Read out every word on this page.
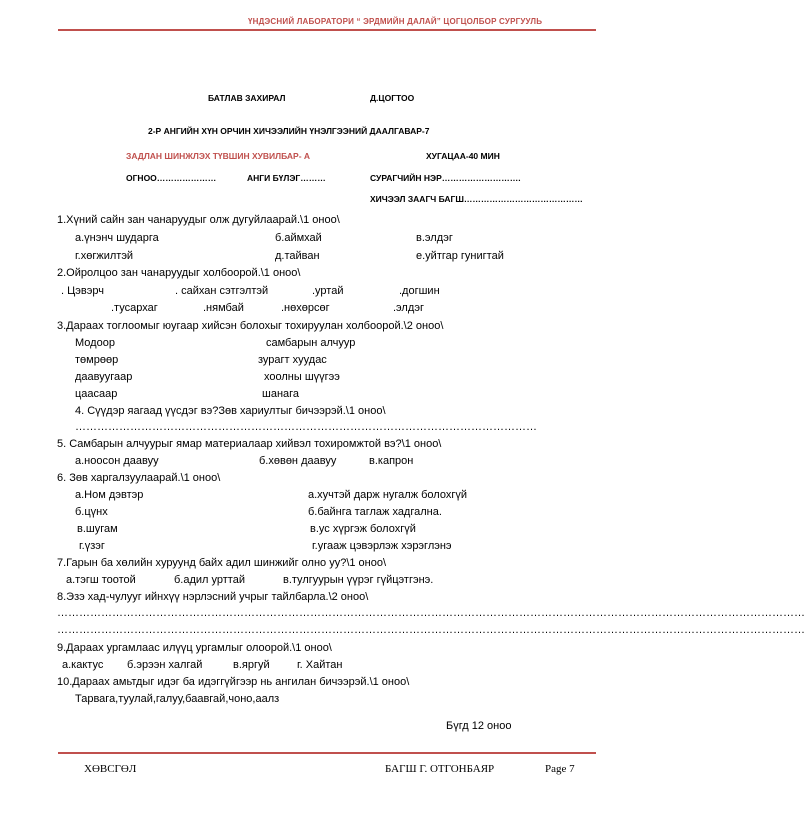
ҮНДЭСНИЙ ЛАБОРАТОРИ “ ЭРДМИЙН ДАЛАЙ” ЦОГЦОЛБОР СУРГУУЛЬ
БАТЛАВ ЗАХИРАЛ	Д.ЦОГТОО
2-Р АНГИЙН ХҮН ОРЧИН ХИЧЭЭЛИЙН ҮНЭЛГЭЭНИЙ ДААЛГАВАР-7
ЗАДЛАН ШИНЖЛЭХ ТҮВШИН ХУВИЛБАР- А	ХУГАЦАА-40 МИН
ОГНОО…………………	АНГИ БҮЛЭГ………	СУРАГЧИЙН НЭР……………………….
ХИЧЭЭЛ ЗААГЧ БАГШ……………………………………
1.Хүний сайн зан чанаруудыг олж дугуйлаарай.\1 оноо\
а.үнэнч шударга	б.аймхай	в.элдэг
г.хөгжилтэй	д.тайван	е.уйтгар гунигтай
2.Ойролцоо зан чанаруудыг холбоорой.\1 оноо\
. Цэвэрч	. сайхан сэтгэлтэй	.уртай	.догшин
.тусархаг	.нямбай	.нөхөрсөг	.элдэг
3.Дараах тоглоомыг юугаар хийсэн болохыг тохируулан холбоорой.\2 оноо\
Модоор	самбарын алчуур
төмрөөр	зурагт хуудас
даавуугаар	хоолны шүүгээ
цаасаар	шанага
4. Сүүдэр яагаад үүсдэг вэ?Зөв хариултыг бичээрэй.\1 оноо\
………………………………………………………………………………………………………………
5. Самбарын алчуурыг ямар материалаар хийвэл тохиромжтой вэ?\1 оноо\
а.ноосон даавуу	б.хөвөн даавуу	в.капрон
6. Зөв харгалзуулаарай.\1 оноо\
а.Ном дэвтэр	а.хучтэй дарж нугалж болохгүй
б.цүнх	б.байнга таглаж хадгална.
в.шугам	в.ус хүргэж болохгүй
г.үзэг	г.угааж цэвэрлэж хэрэглэнэ
7.Гарын ба хөлийн хуруунд байх адил шинжийг олно уу?\1 оноо\
а.тэгш тоотой	б.адил урттай	в.тулгуурын үүрэг гүйцэтгэнэ.
8.Эзэ хад-чулууг ийнхүү нэрлэсний учрыг тайлбарла.\2 оноо\
……………………………………………………………………………………………………………………………………………………………………………………
……………………………………………………………………………………………………………………………………………………………………………………
9.Дараах ургамлаас илүүц ургамлыг олоорой.\1 оноо\
а.кактус б.эрээн халгай	в.яргуй г. Хайтан
10.Дараах амьтдыг идэг ба идэггүйгээр нь ангилан бичээрэй.\1 оноо\
Тарвага,туулай,галуу,баавгай,чоно,аалз
Бүгд 12 оноо
ХӨВСГӨЛ	БАГШ Г. ОТГОНБАЯР	Page 7
